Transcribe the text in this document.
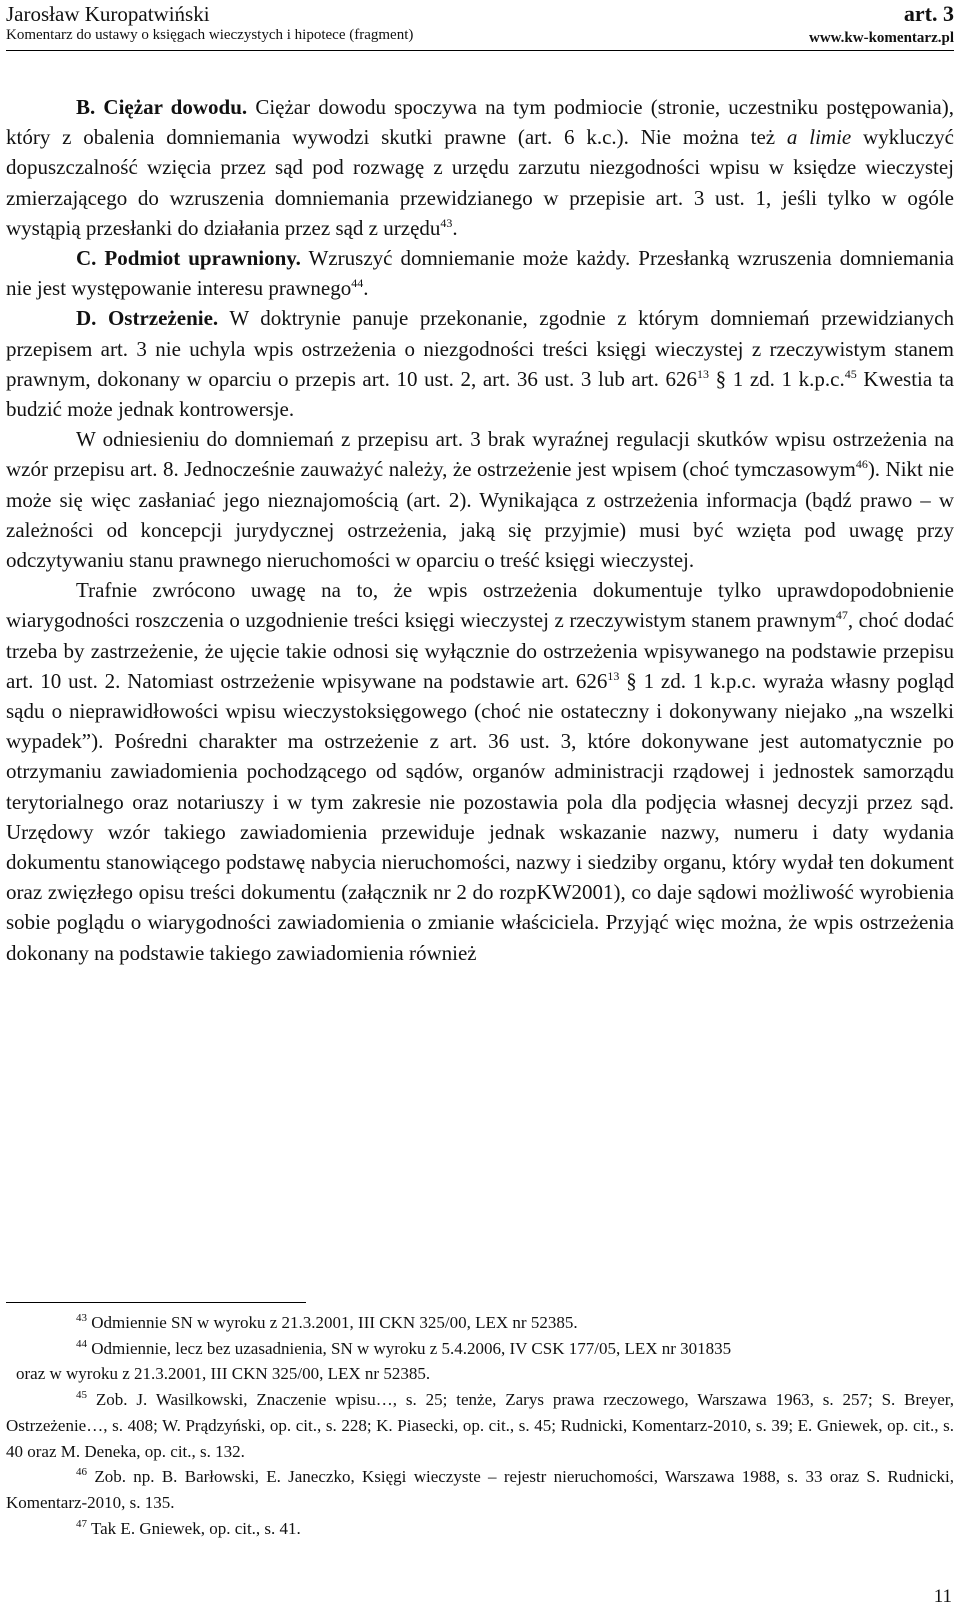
Jarosław Kuropatwiński
Komentarz do ustawy o księgach wieczystych i hipotece (fragment)
art. 3
www.kw-komentarz.pl

B. Ciężar dowodu. Ciężar dowodu spoczywa na tym podmiocie (stronie, uczestniku postępowania), który z obalenia domniemania wywodzi skutki prawne (art. 6 k.c.). Nie można też a limie wykluczyć dopuszczalność wzięcia przez sąd pod rozwagę z urzędu zarzutu niezgodności wpisu w księdze wieczystej zmierzającego do wzruszenia domniemania przewidzianego w przepisie art. 3 ust. 1, jeśli tylko w ogóle wystąpią przesłanki do działania przez sąd z urzędu$^{43}$.

C. Podmiot uprawniony. Wzruszyć domniemanie może każdy. Przesłanką wzruszenia domniemania nie jest występowanie interesu prawnego$^{44}$.

D. Ostrzeżenie. W doktrynie panuje przekonanie, zgodnie z którym domniemań przewidzianych przepisem art. 3 nie uchyla wpis ostrzeżenia o niezgodności treści księgi wieczystej z rzeczywistym stanem prawnym, dokonany w oparciu o przepis art. 10 ust. 2, art. 36 ust. 3 lub art. $626^{13}$ § 1 zd. 1 k.p.c.$^{45}$ Kwestia ta budzić może jednak kontrowersje.

W odniesieniu do domniemań z przepisu art. 3 brak wyraźnej regulacji skutków wpisu ostrzeżenia na wzór przepisu art. 8. Jednocześnie zauważyć należy, że ostrzeżenie jest wpisem (choć tymczasowym$^{46}$). Nikt nie może się więc zasłaniać jego nieznajomością (art. 2). Wynikająca z ostrzeżenia informacja (bądź prawo – w zależności od koncepcji jurydycznej ostrzeżenia, jaką się przyjmie) musi być wzięta pod uwagę przy odczytywaniu stanu prawnego nieruchomości w oparciu o treść księgi wieczystej.

Trafnie zwrócono uwagę na to, że wpis ostrzeżenia dokumentuje tylko uprawdopodobnienie wiarygodności roszczenia o uzgodnienie treści księgi wieczystej z rzeczywistym stanem prawnym$^{47}$, choć dodać trzeba by zastrzeżenie, że ujęcie takie odnosi się wyłącznie do ostrzeżenia wpisywanego na podstawie przepisu art. 10 ust. 2. Natomiast ostrzeżenie wpisywane na podstawie art. $626^{13}$ § 1 zd. 1 k.p.c. wyraża własny pogląd sądu o nieprawidłowości wpisu wieczystoksięgowego (choć nie ostateczny i dokonywany niejako „na wszelki wypadek”). Pośredni charakter ma ostrzeżenie z art. 36 ust. 3, które dokonywane jest automatycznie po otrzymaniu zawiadomienia pochodzącego od sądów, organów administracji rządowej i jednostek samorządu terytorialnego oraz notariuszy i w tym zakresie nie pozostawia pola dla podjęcia własnej decyzji przez sąd. Urzędowy wzór takiego zawiadomienia przewiduje jednak wskazanie nazwy, numeru i daty wydania dokumentu stanowiącego podstawę nabycia nieruchomości, nazwy i siedziby organu, który wydał ten dokument oraz zwięzłego opisu treści dokumentu (załącznik nr 2 do rozpKW2001), co daje sądowi możliwość wyrobienia sobie poglądu o wiarygodności zawiadomienia o zmianie właściciela. Przyjąć więc można, że wpis ostrzeżenia dokonany na podstawie takiego zawiadomienia również

$^{43}$ Odmiennie SN w wyroku z 21.3.2001, III CKN 325/00, LEX nr 52385.

$^{44}$ Odmiennie, lecz bez uzasadnienia, SN w wyroku z 5.4.2006, IV CSK 177/05, LEX nr 301835

oraz w wyroku z 21.3.2001, III CKN 325/00, LEX nr 52385.

$^{45}$ Zob. J. Wasilkowski, Znaczenie wpisu…, s. 25; tenże, Zarys prawa rzeczowego, Warszawa 1963, s. 257; S. Breyer, Ostrzeżenie…, s. 408; W. Prądzyński, op. cit., s. 228; K. Piasecki, op. cit., s. 45; Rudnicki, Komentarz-2010, s. 39; E. Gniewek, op. cit., s. 40 oraz M. Deneka, op. cit., s. 132.

$^{46}$ Zob. np. B. Barłowski, E. Janeczko, Księgi wieczyste – rejestr nieruchomości, Warszawa 1988, s. 33 oraz S. Rudnicki, Komentarz-2010, s. 135.

$^{47}$ Tak E. Gniewek, op. cit., s. 41.

11
